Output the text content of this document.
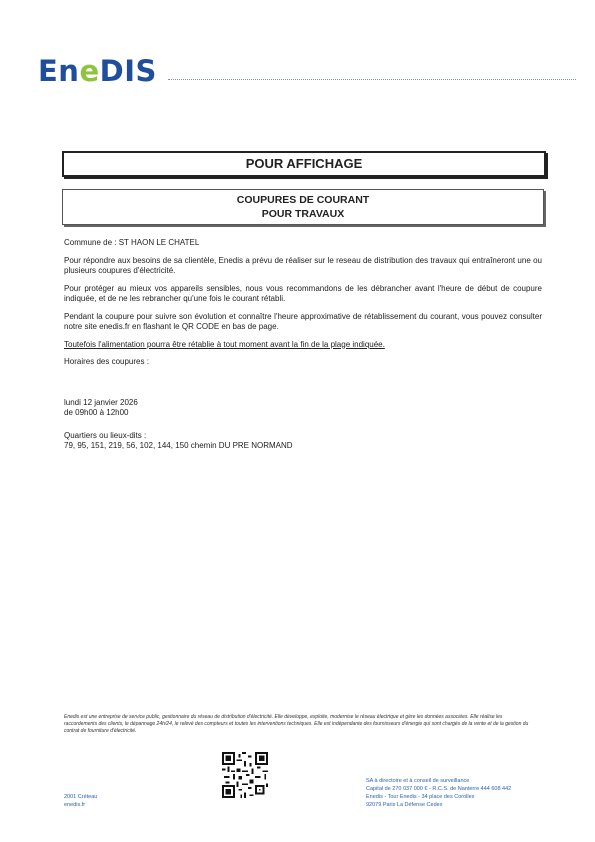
EneDIS
POUR AFFICHAGE
COUPURES DE COURANT
POUR TRAVAUX

Commune de : ST HAON LE CHATEL

Pour répondre aux besoins de sa clientèle, Enedis a prévu de réaliser sur le reseau de distribution des travaux qui entraîneront une ou plusieurs coupures d'électricité.

Pour protéger au mieux vos appareils sensibles, nous vous recommandons de les débrancher avant l'heure de début de coupure indiquée, et de ne les rebrancher qu'une fois le courant rétabli.

Pendant la coupure pour suivre son évolution et connaître l'heure approximative de rétablissement du courant, vous pouvez consulter notre site enedis.fr en flashant le QR CODE en bas de page.

Toutefois l'alimentation pourra être rétablie à tout moment avant la fin de la plage indiquée.

Horaires des coupures :

lundi 12 janvier 2026
de 09h00 à 12h00
Quartiers ou lieux-dits :
79, 95, 151, 219, 56, 102, 144, 150 chemin DU PRE NORMAND
Enedis est une entreprise de service public, gestionnaire du réseau de distribution d'électricité. Elle développe, exploite, modernise le réseau électrique et gère les données associées. Elle réalise les raccordements des clients, le dépannage 24h/24, le relevé des compteurs et toutes les interventions techniques. Elle est indépendante des fournisseurs d'énergie qui sont chargés de la vente et de la gestion du contrat de fourniture d'électricité.
2001 Créteau
enedis.fr
SA à directoire et à conseil de surveillance
Capital de 270 037 000 € - R.C.S. de Nanterre 444 608 442
Enedis - Tour Enedis - 34 place des Corolles
92079 Paris La Défense Cedex
